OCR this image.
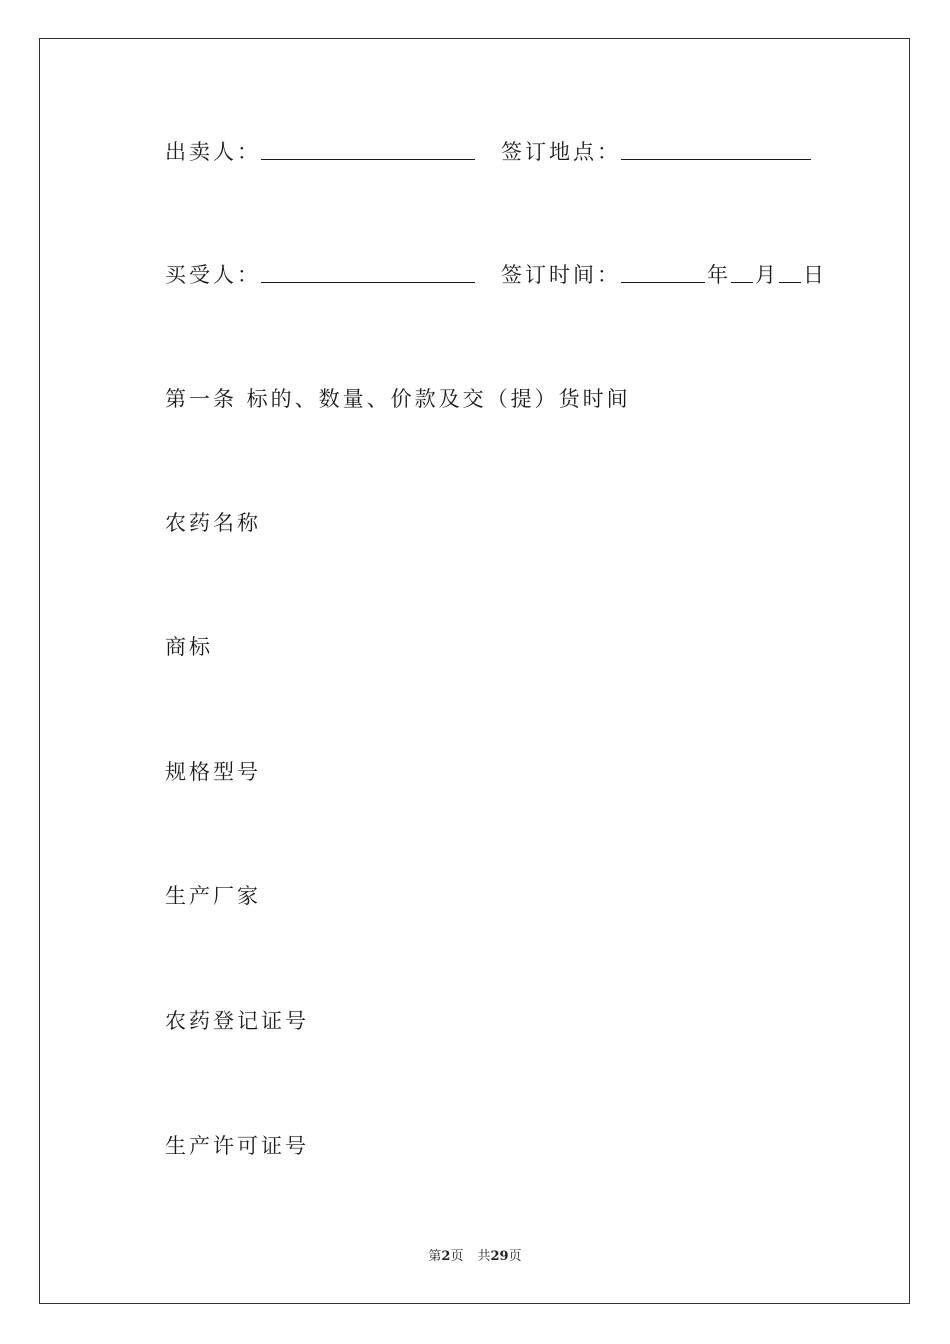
出卖人：	签订地点：
买受人：	签订时间：	年 月 日
第一条 标的、数量、价款及交（提）货时间
农药名称
商标
规格型号
生产厂家
农药登记证号
生产许可证号
第2页 共29页
